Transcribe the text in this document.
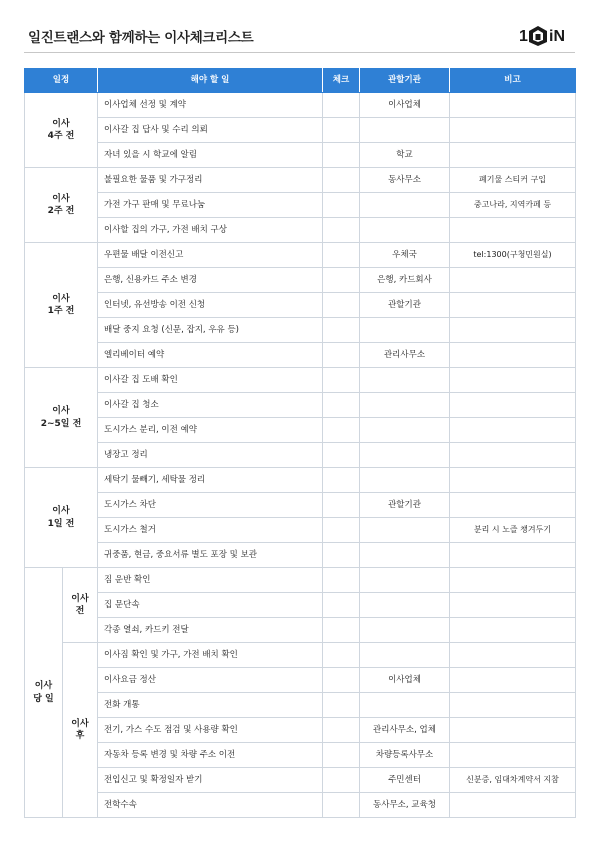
일진트랜스와 함께하는 이사체크리스트	1 iN
일정		해야 할 일	체크	관할기관	비고
이사
4주 전		이사업체 선정 및 계약		이사업체	
		이사갈 집 답사 및 수리 의뢰			
		자녀 있을 시 학교에 알림		학교	
이사
2주 전		불필요한 물품 및 가구정리		동사무소	폐기물 스티커 구입
		가전 가구 판매 및 무료나눔			중고나라, 지역카페 등
		이사할 집의 가구, 가전 배치 구상			
이사
1주 전		우편물 배달 이전신고		우체국	tel:1300(구청민원실)
		은행, 신용카드 주소 변경		은행, 카드회사	
		인터넷, 유선방송 이전 신청		관할기관	
		배달 중지 요청 (신문, 잡지, 우유 등)			
		엘리베이터 예약		관리사무소	
이사
2~5일 전		이사갈 집 도배 확인			
		이사갈 집 청소			
		도시가스 분리, 이전 예약			
		냉장고 정리			
이사
1일 전		세탁기 물빼기, 세탁물 정리			
		도시가스 차단		관할기관	
		도시가스 철거			분리 시 노즐 챙겨두기
		귀중품, 현금, 중요서류 별도 포장 및 보관			
이사
당 일	이사
전	짐 운반 확인			
		집 문단속			
		각종 열쇠, 카드키 전달			
	이사
후	이사짐 확인 및 가구, 가전 배치 확인			
		이사요금 정산		이사업체	
		전화 개통			
		전기, 가스 수도 점검 및 사용량 확인		관리사무소, 업체	
		자동차 등록 변경 및 차량 주소 이전		차량등록사무소	
		전입신고 및 확정일자 받기		주민센터	신분증, 임대차계약서 지참
		전학수속		동사무소, 교육청	
